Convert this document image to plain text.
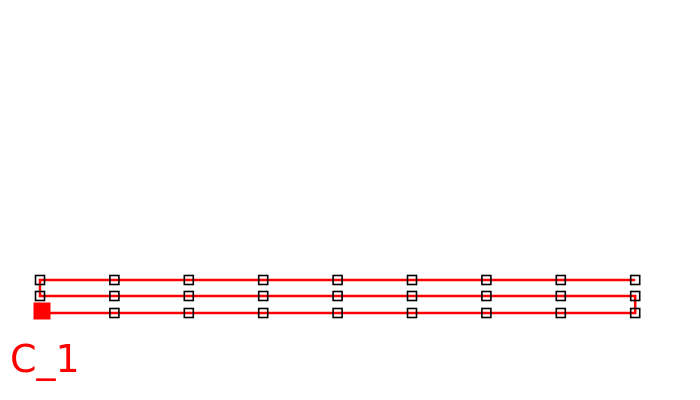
C_1
